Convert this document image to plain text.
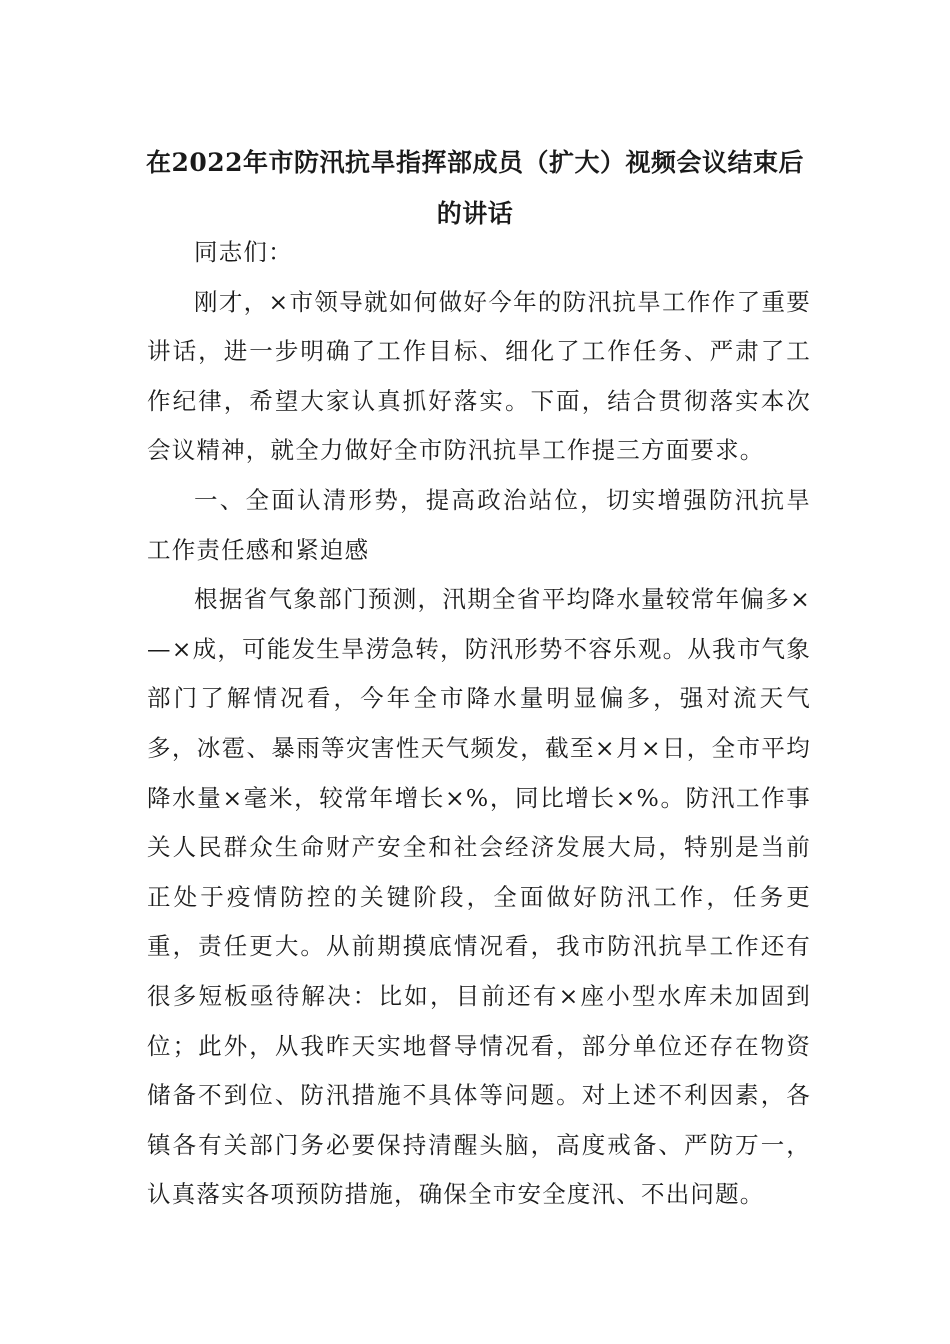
在2022年市防汛抗旱指挥部成员（扩大）视频会议结束后
的讲话

同志们：

刚才，×市领导就如何做好今年的防汛抗旱工作作了重要讲话，进一步明确了工作目标、细化了工作任务、严肃了工作纪律，希望大家认真抓好落实。下面，结合贯彻落实本次会议精神，就全力做好全市防汛抗旱工作提三方面要求。

一、全面认清形势，提高政治站位，切实增强防汛抗旱工作责任感和紧迫感

根据省气象部门预测，汛期全省平均降水量较常年偏多×—×成，可能发生旱涝急转，防汛形势不容乐观。从我市气象部门了解情况看，今年全市降水量明显偏多，强对流天气多，冰雹、暴雨等灾害性天气频发，截至×月×日，全市平均降水量×毫米，较常年增长×%，同比增长×%。防汛工作事关人民群众生命财产安全和社会经济发展大局，特别是当前正处于疫情防控的关键阶段，全面做好防汛工作，任务更重，责任更大。从前期摸底情况看，我市防汛抗旱工作还有很多短板亟待解决：比如，目前还有×座小型水库未加固到位；此外，从我昨天实地督导情况看，部分单位还存在物资储备不到位、防汛措施不具体等问题。对上述不利因素，各镇各有关部门务必要保持清醒头脑，高度戒备、严防万一，认真落实各项预防措施，确保全市安全度汛、不出问题。
